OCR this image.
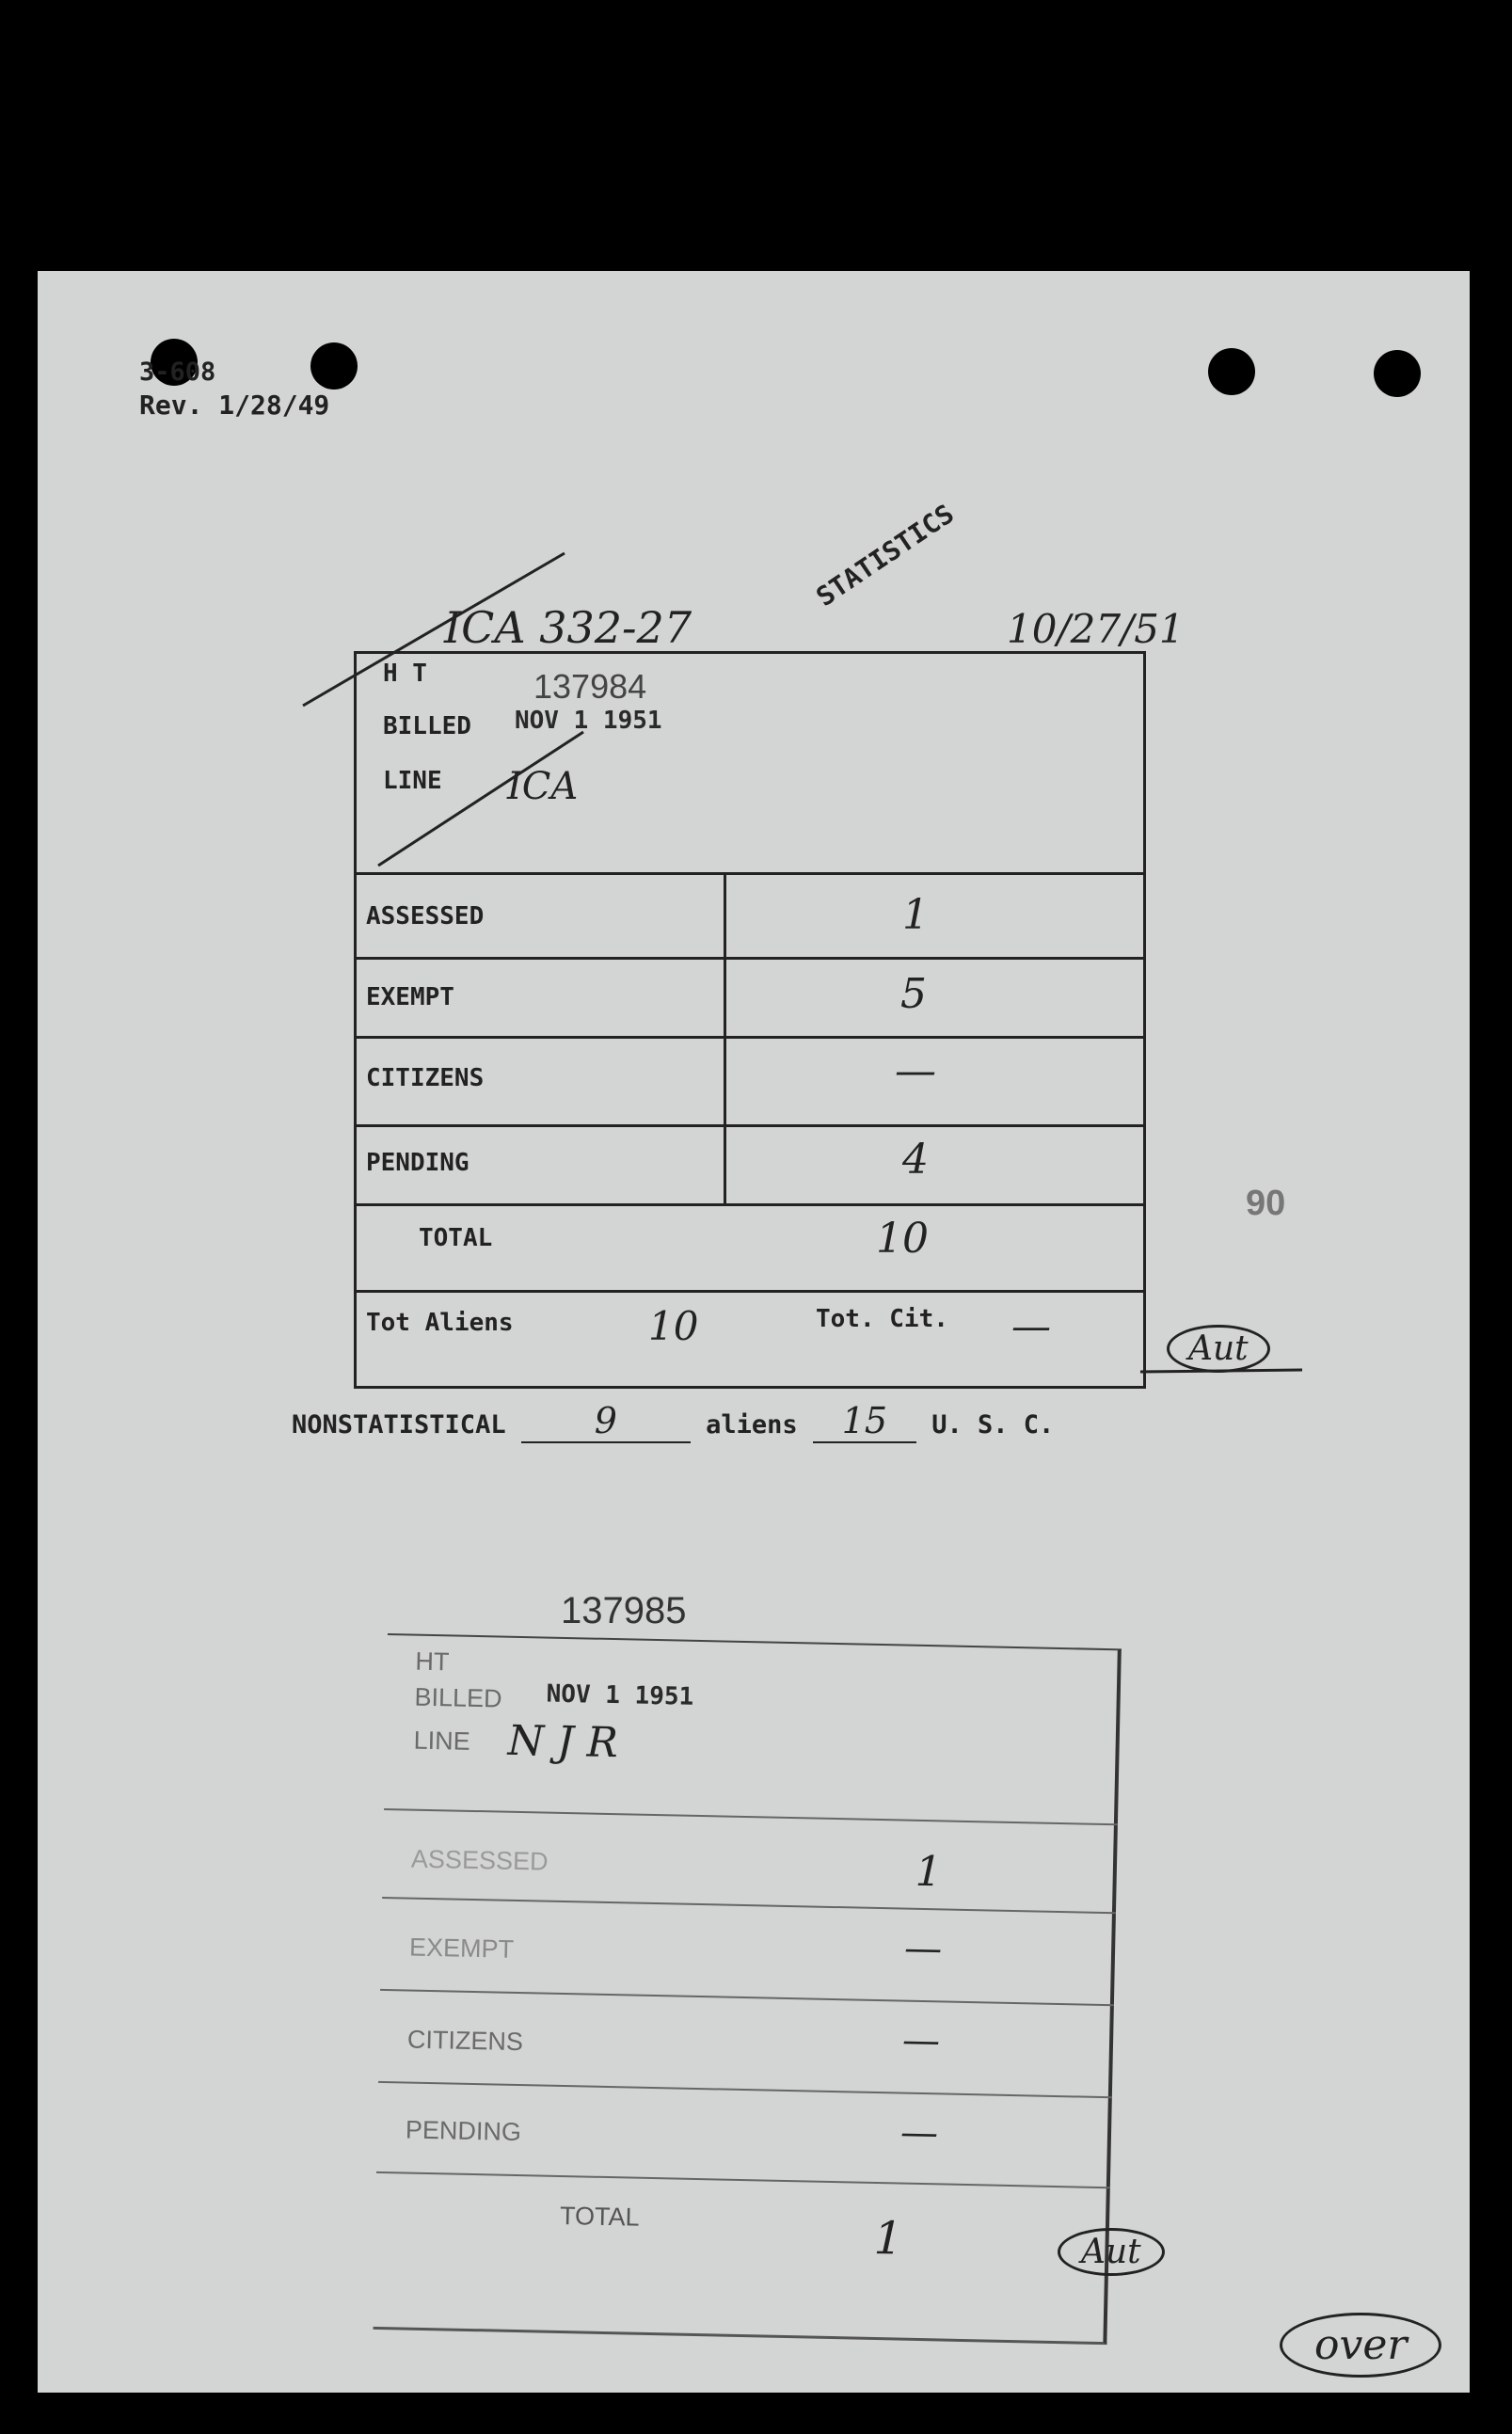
3-608
Rev. 1/28/49
ICA 332-27
STATISTICS
10/27/51
90
H T	137984
BILLED NOV 1 1951
LINE ICA
ASSESSED	1
EXEMPT	5
CITIZENS	—
PENDING	4
TOTAL	10
Tot Aliens	10	Tot. Cit. —	Aut
NONSTATISTICAL 9	aliens 15 U. S. C.
137985
HT
BILLED NOV 1 1951
LINE N J R
ASSESSED	1
EXEMPT	—
CITIZENS	—
PENDING	—
TOTAL	1	Aut
over
